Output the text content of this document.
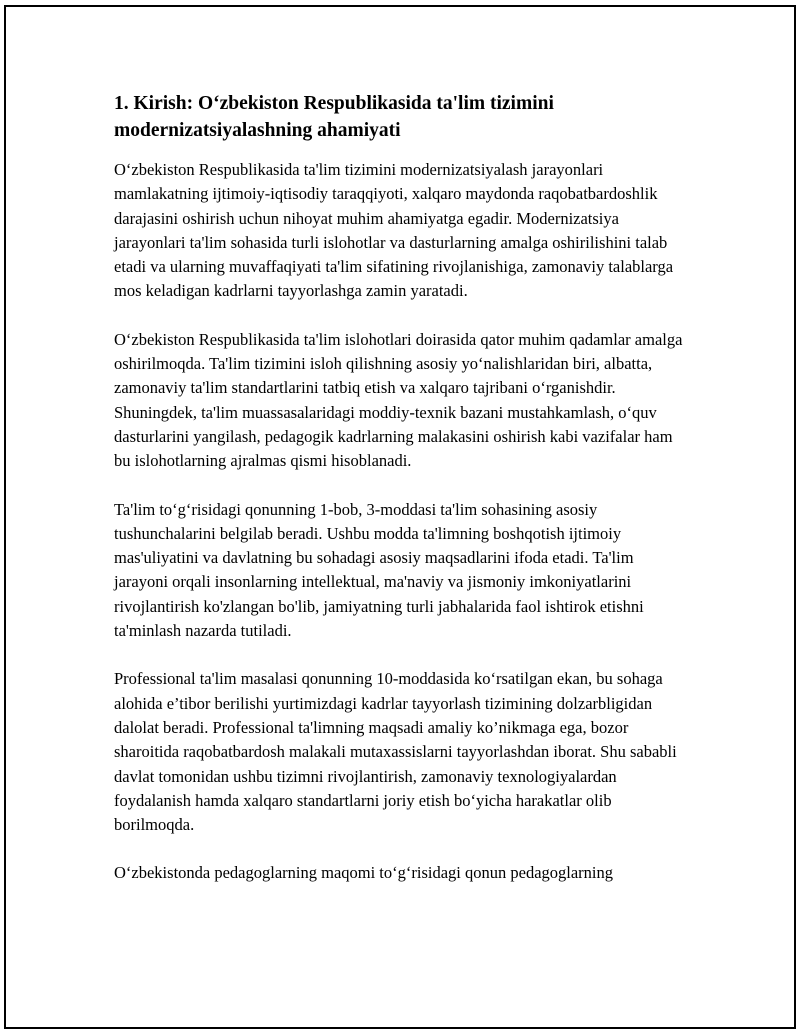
1. Kirish: O‘zbekiston Respublikasida ta'lim tizimini modernizatsiyalashning ahamiyati

O‘zbekiston Respublikasida ta'lim tizimini modernizatsiyalash jarayonlari mamlakatning ijtimoiy-iqtisodiy taraqqiyoti, xalqaro maydonda raqobatbardoshlik darajasini oshirish uchun nihoyat muhim ahamiyatga egadir. Modernizatsiya jarayonlari ta'lim sohasida turli islohotlar va dasturlarning amalga oshirilishini talab etadi va ularning muvaffaqiyati ta'lim sifatining rivojlanishiga, zamonaviy talablarga mos keladigan kadrlarni tayyorlashga zamin yaratadi.

O‘zbekiston Respublikasida ta'lim islohotlari doirasida qator muhim qadamlar amalga oshirilmoqda. Ta'lim tizimini isloh qilishning asosiy yo‘nalishlaridan biri, albatta, zamonaviy ta'lim standartlarini tatbiq etish va xalqaro tajribani o‘rganishdir. Shuningdek, ta'lim muassasalaridagi moddiy-texnik bazani mustahkamlash, o‘quv dasturlarini yangilash, pedagogik kadrlarning malakasini oshirish kabi vazifalar ham bu islohotlarning ajralmas qismi hisoblanadi.

Ta'lim to‘g‘risidagi qonunning 1-bob, 3-moddasi ta'lim sohasining asosiy tushunchalarini belgilab beradi. Ushbu modda ta'limning boshqotish ijtimoiy mas'uliyatini va davlatning bu sohadagi asosiy maqsadlarini ifoda etadi. Ta'lim jarayoni orqali insonlarning intellektual, ma'naviy va jismoniy imkoniyatlarini rivojlantirish ko'zlangan bo'lib, jamiyatning turli jabhalarida faol ishtirok etishni ta'minlash nazarda tutiladi.

Professional ta'lim masalasi qonunning 10-moddasida ko‘rsatilgan ekan, bu sohaga alohida e’tibor berilishi yurtimizdagi kadrlar tayyorlash tizimining dolzarbligidan dalolat beradi. Professional ta'limning maqsadi amaliy ko’nikmaga ega, bozor sharoitida raqobatbardosh malakali mutaxassislarni tayyorlashdan iborat. Shu sababli davlat tomonidan ushbu tizimni rivojlantirish, zamonaviy texnologiyalardan foydalanish hamda xalqaro standartlarni joriy etish bo‘yicha harakatlar olib borilmoqda.

O‘zbekistonda pedagoglarning maqomi to‘g‘risidagi qonun pedagoglarning
